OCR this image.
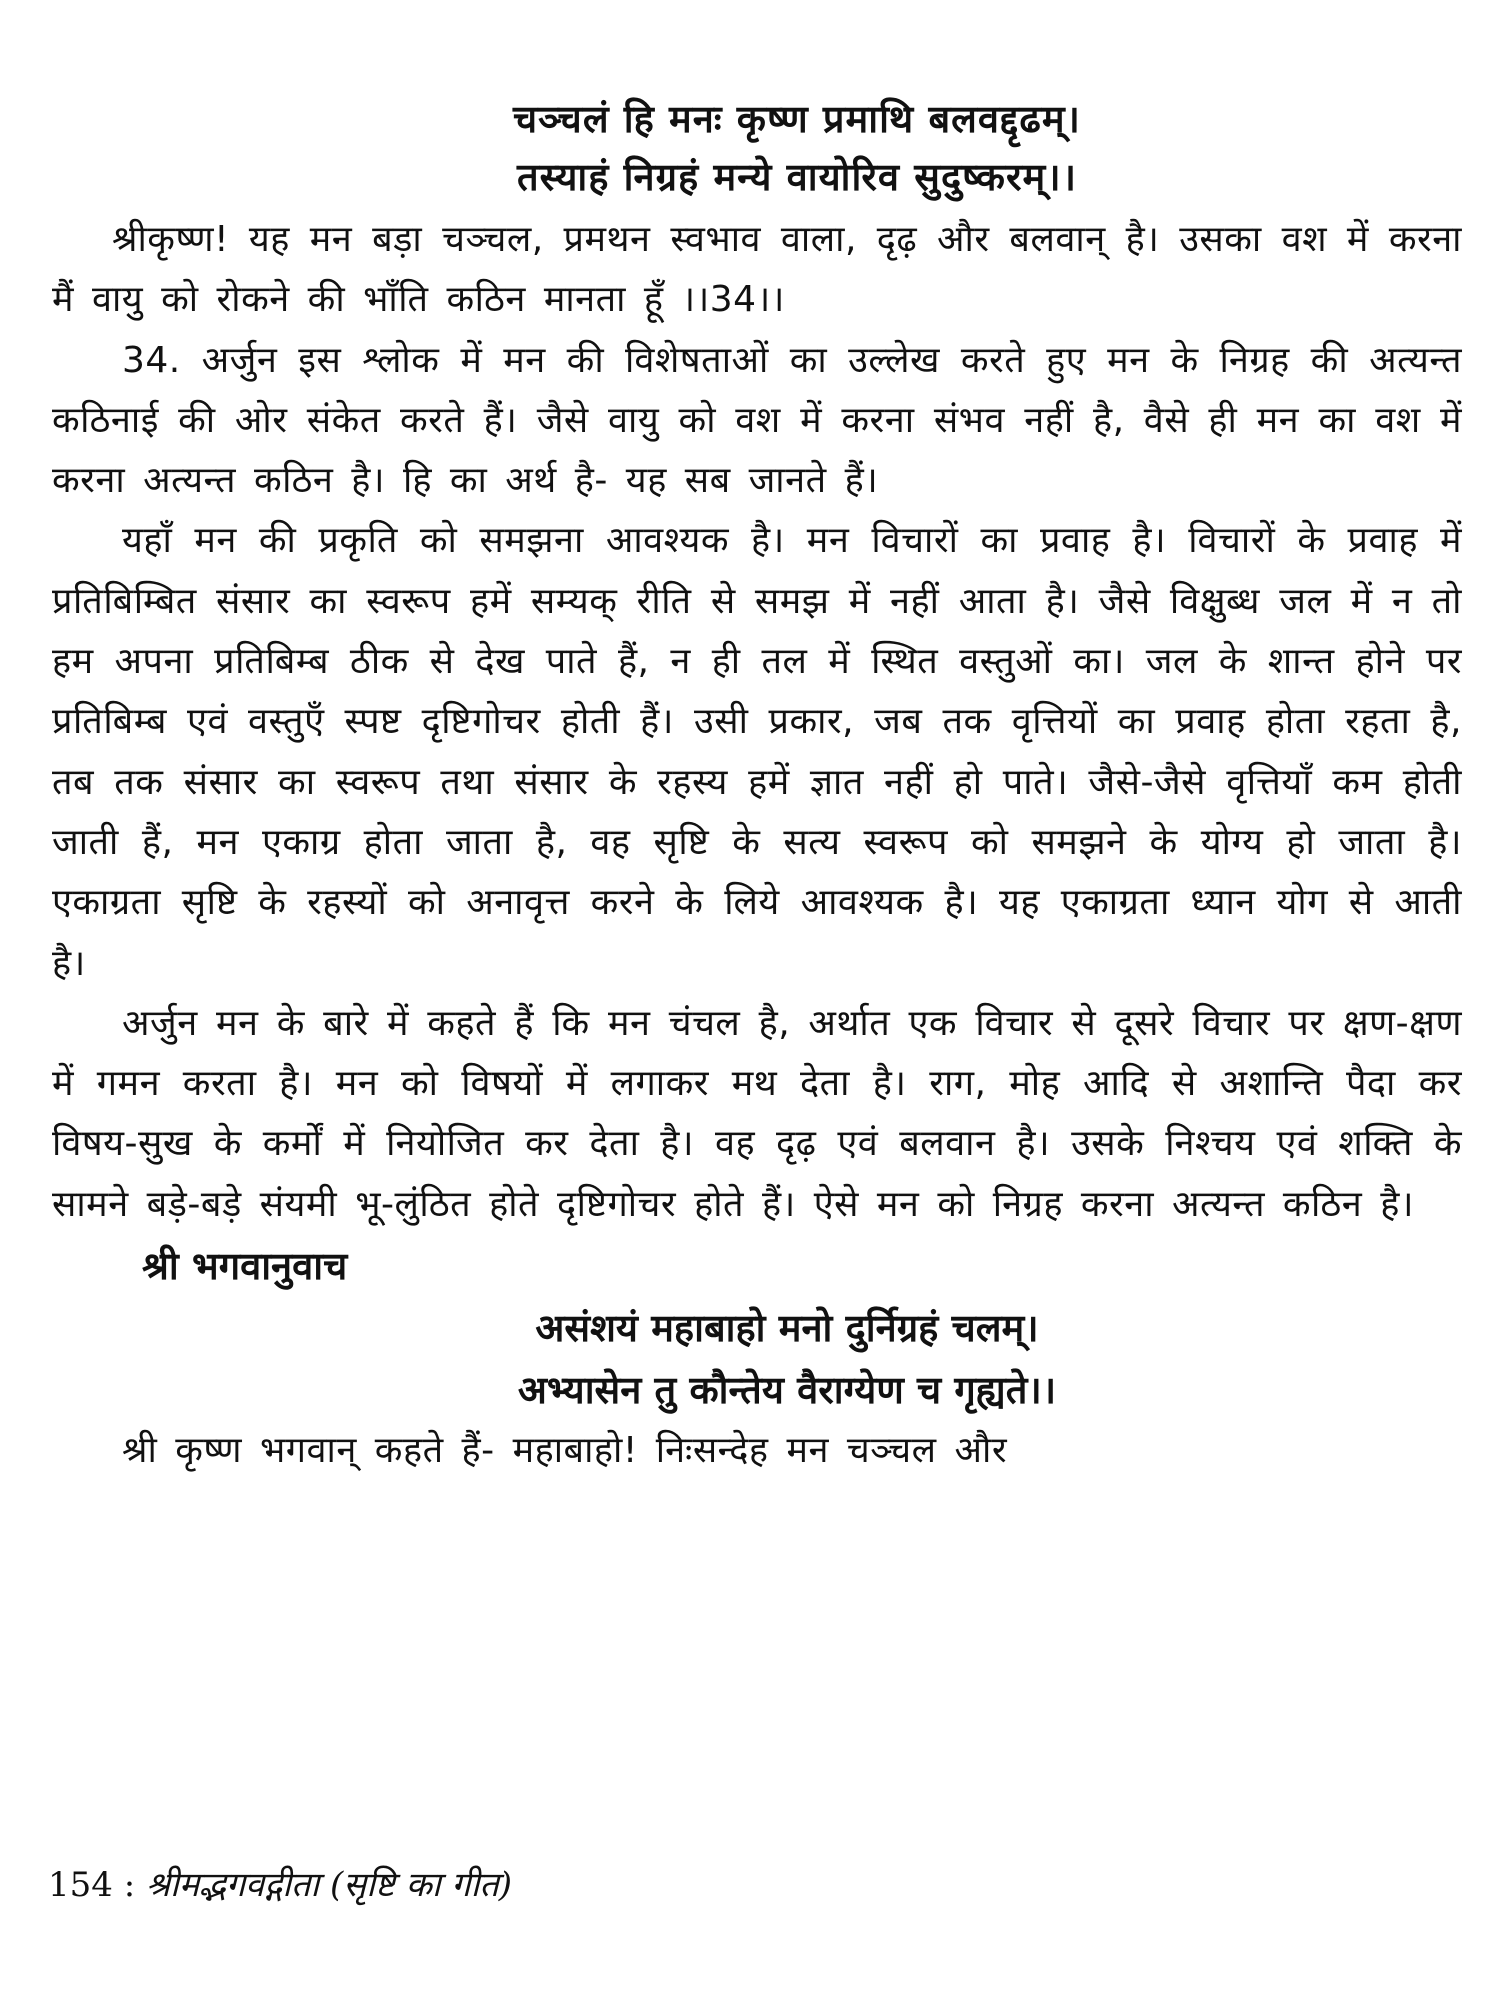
चञ्चलं हि मनः कृष्ण प्रमाथि बलवद्दृढम्।

तस्याहं निग्रहं मन्ये वायोरिव सुदुष्करम्।।

श्रीकृष्ण! यह मन बड़ा चञ्चल, प्रमथन स्वभाव वाला, दृढ़ और बलवान् है। उसका वश में करना मैं वायु को रोकने की भाँति कठिन मानता हूँ ।।34।।

34. अर्जुन इस श्लोक में मन की विशेषताओं का उल्लेख करते हुए मन के निग्रह की अत्यन्त कठिनाई की ओर संकेत करते हैं। जैसे वायु को वश में करना संभव नहीं है, वैसे ही मन का वश में करना अत्यन्त कठिन है। हि का अर्थ है- यह सब जानते हैं।

यहाँ मन की प्रकृति को समझना आवश्यक है। मन विचारों का प्रवाह है। विचारों के प्रवाह में प्रतिबिम्बित संसार का स्वरूप हमें सम्यक् रीति से समझ में नहीं आता है। जैसे विक्षुब्ध जल में न तो हम अपना प्रतिबिम्ब ठीक से देख पाते हैं, न ही तल में स्थित वस्तुओं का। जल के शान्त होने पर प्रतिबिम्ब एवं वस्तुएँ स्पष्ट दृष्टिगोचर होती हैं। उसी प्रकार, जब तक वृत्तियों का प्रवाह होता रहता है, तब तक संसार का स्वरूप तथा संसार के रहस्य हमें ज्ञात नहीं हो पाते। जैसे-जैसे वृत्तियाँ कम होती जाती हैं, मन एकाग्र होता जाता है, वह सृष्टि के सत्य स्वरूप को समझने के योग्य हो जाता है। एकाग्रता सृष्टि के रहस्यों को अनावृत्त करने के लिये आवश्यक है। यह एकाग्रता ध्यान योग से आती है।

अर्जुन मन के बारे में कहते हैं कि मन चंचल है, अर्थात एक विचार से दूसरे विचार पर क्षण-क्षण में गमन करता है। मन को विषयों में लगाकर मथ देता है। राग, मोह आदि से अशान्ति पैदा कर विषय-सुख के कर्मों में नियोजित कर देता है। वह दृढ़ एवं बलवान है। उसके निश्चय एवं शक्ति के सामने बड़े-बड़े संयमी भू-लुंठित होते दृष्टिगोचर होते हैं। ऐसे मन को निग्रह करना अत्यन्त कठिन है।

श्री भगवानुवाच

असंशयं महाबाहो मनो दुर्निग्रहं चलम्।

अभ्यासेन तु कौन्तेय वैराग्येण च गृह्यते।।

श्री कृष्ण भगवान् कहते हैं- महाबाहो! निःसन्देह मन चञ्चल और

154 : श्रीमद्भगवद्गीता (सृष्टि का गीत)
